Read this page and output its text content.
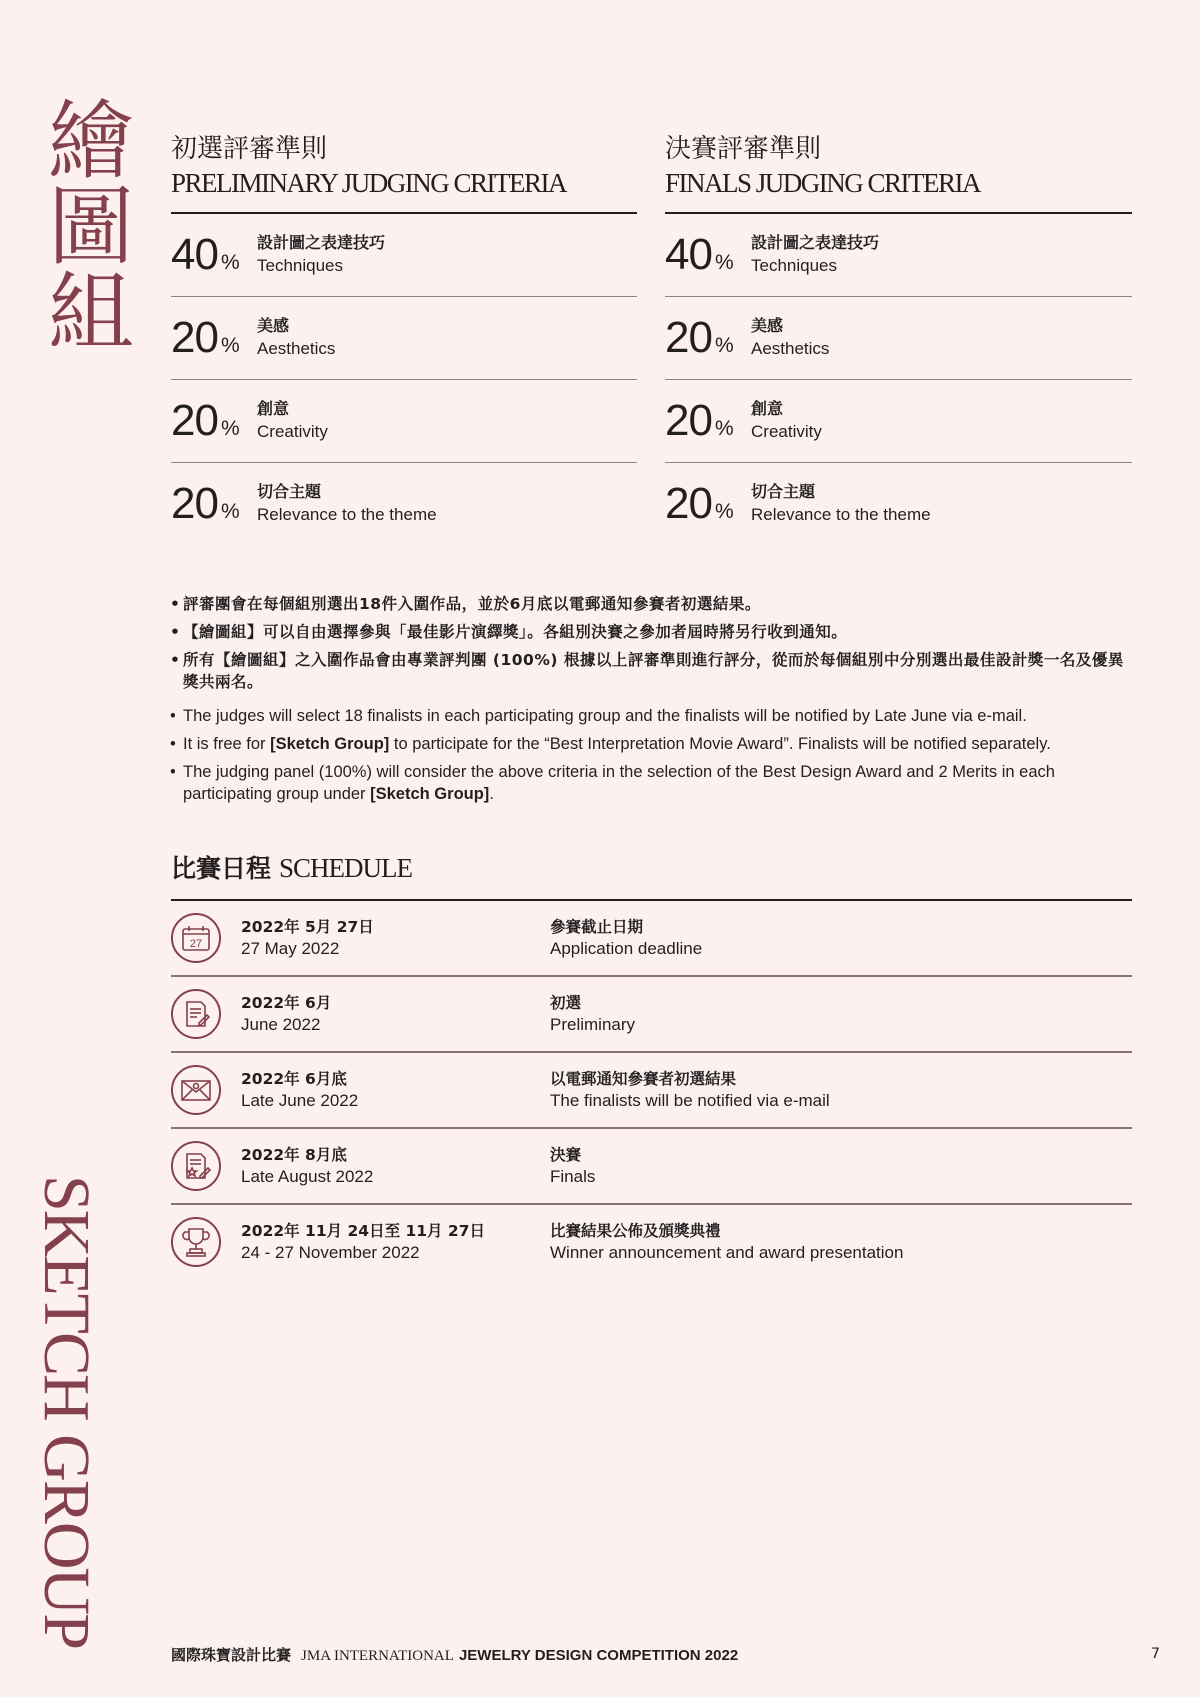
繪圖組
SKETCH GROUP
初選評審準則
PRELIMINARY JUDGING CRITERIA
40 %
設計圖之表達技巧
Techniques
20 %
美感
Aesthetics
20 %
創意
Creativity
20 %
切合主題
Relevance to the theme
決賽評審準則
FINALS JUDGING CRITERIA
40 %
設計圖之表達技巧
Techniques
20 %
美感
Aesthetics
20 %
創意
Creativity
20 %
切合主題
Relevance to the theme
• 評審團會在每個組別選出18件入圍作品，並於6月底以電郵通知參賽者初選結果。
• 【繪圖組】可以自由選擇參與「最佳影片演繹獎」。各組別決賽之參加者屆時將另行收到通知。
• 所有【繪圖組】之入圍作品會由專業評判團 (100%) 根據以上評審準則進行評分，從而於每個組別中分別選出最佳設計獎一名及優異獎共兩名。
• The judges will select 18 finalists in each participating group and the finalists will be notified by Late June via e-mail.
• It is free for [Sketch Group] to participate for the “Best Interpretation Movie Award”. Finalists will be notified separately.
• The judging panel (100%) will consider the above criteria in the selection of the Best Design Award and 2 Merits in each participating group under [Sketch Group].
比賽日程 SCHEDULE
27
2022年 5月 27日
27 May 2022
參賽截止日期
Application deadline
2022年 6月
June 2022
初選
Preliminary
2022年 6月底
Late June 2022
以電郵通知參賽者初選結果
The finalists will be notified via e-mail
2022年 8月底
Late August 2022
決賽
Finals
2022年 11月 24日至 11月 27日
24 - 27 November 2022
比賽結果公佈及頒獎典禮
Winner announcement and award presentation
國際珠寶設計比賽 JMA INTERNATIONAL JEWELRY DESIGN COMPETITION 2022	7
